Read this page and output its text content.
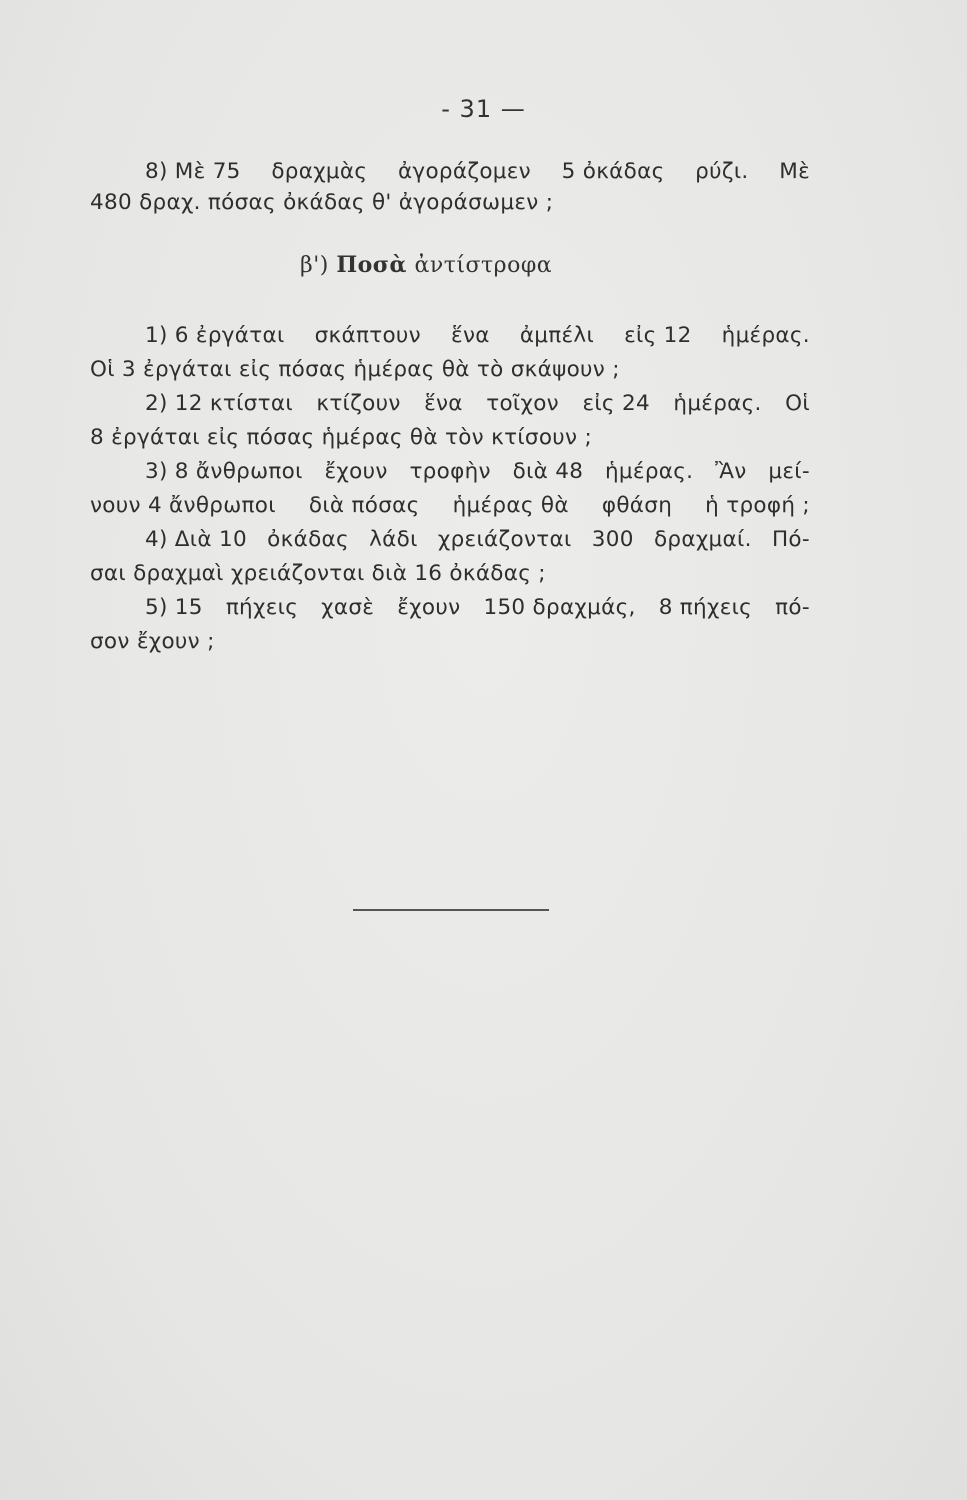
- 31 —
8) Μὲ 75 δραχμὰς ἀγοράζομεν 5 ὀκάδας ρύζι. Μὲ
480 δραχ. πόσας ὀκάδας θ' ἀγοράσωμεν ;
β') Ποσὰ ἀντίστροφα
1) 6 ἐργάται σκάπτουν ἕνα ἀμπέλι εἰς 12 ἡμέρας.
Οἱ 3 ἐργάται εἰς πόσας ἡμέρας θὰ τὸ σκάψουν ;
2) 12 κτίσται κτίζουν ἕνα τοῖχον εἰς 24 ἡμέρας. Οἱ
8 ἐργάται εἰς πόσας ἡμέρας θὰ τὸν κτίσουν ;
3) 8 ἄνθρωποι ἔχουν τροφὴν διὰ 48 ἡμέρας. Ἂν μεί-
νουν 4 ἄνθρωποι διὰ πόσας ἡμέρας θὰ φθάση ἡ τροφή ;
4) Διὰ 10 ὀκάδας λάδι χρειάζονται 300 δραχμαί. Πό-
σαι δραχμαὶ χρειάζονται διὰ 16 ὀκάδας ;
5) 15 πήχεις χασὲ ἔχουν 150 δραχμάς, 8 πήχεις πό-
σον ἔχουν ;
